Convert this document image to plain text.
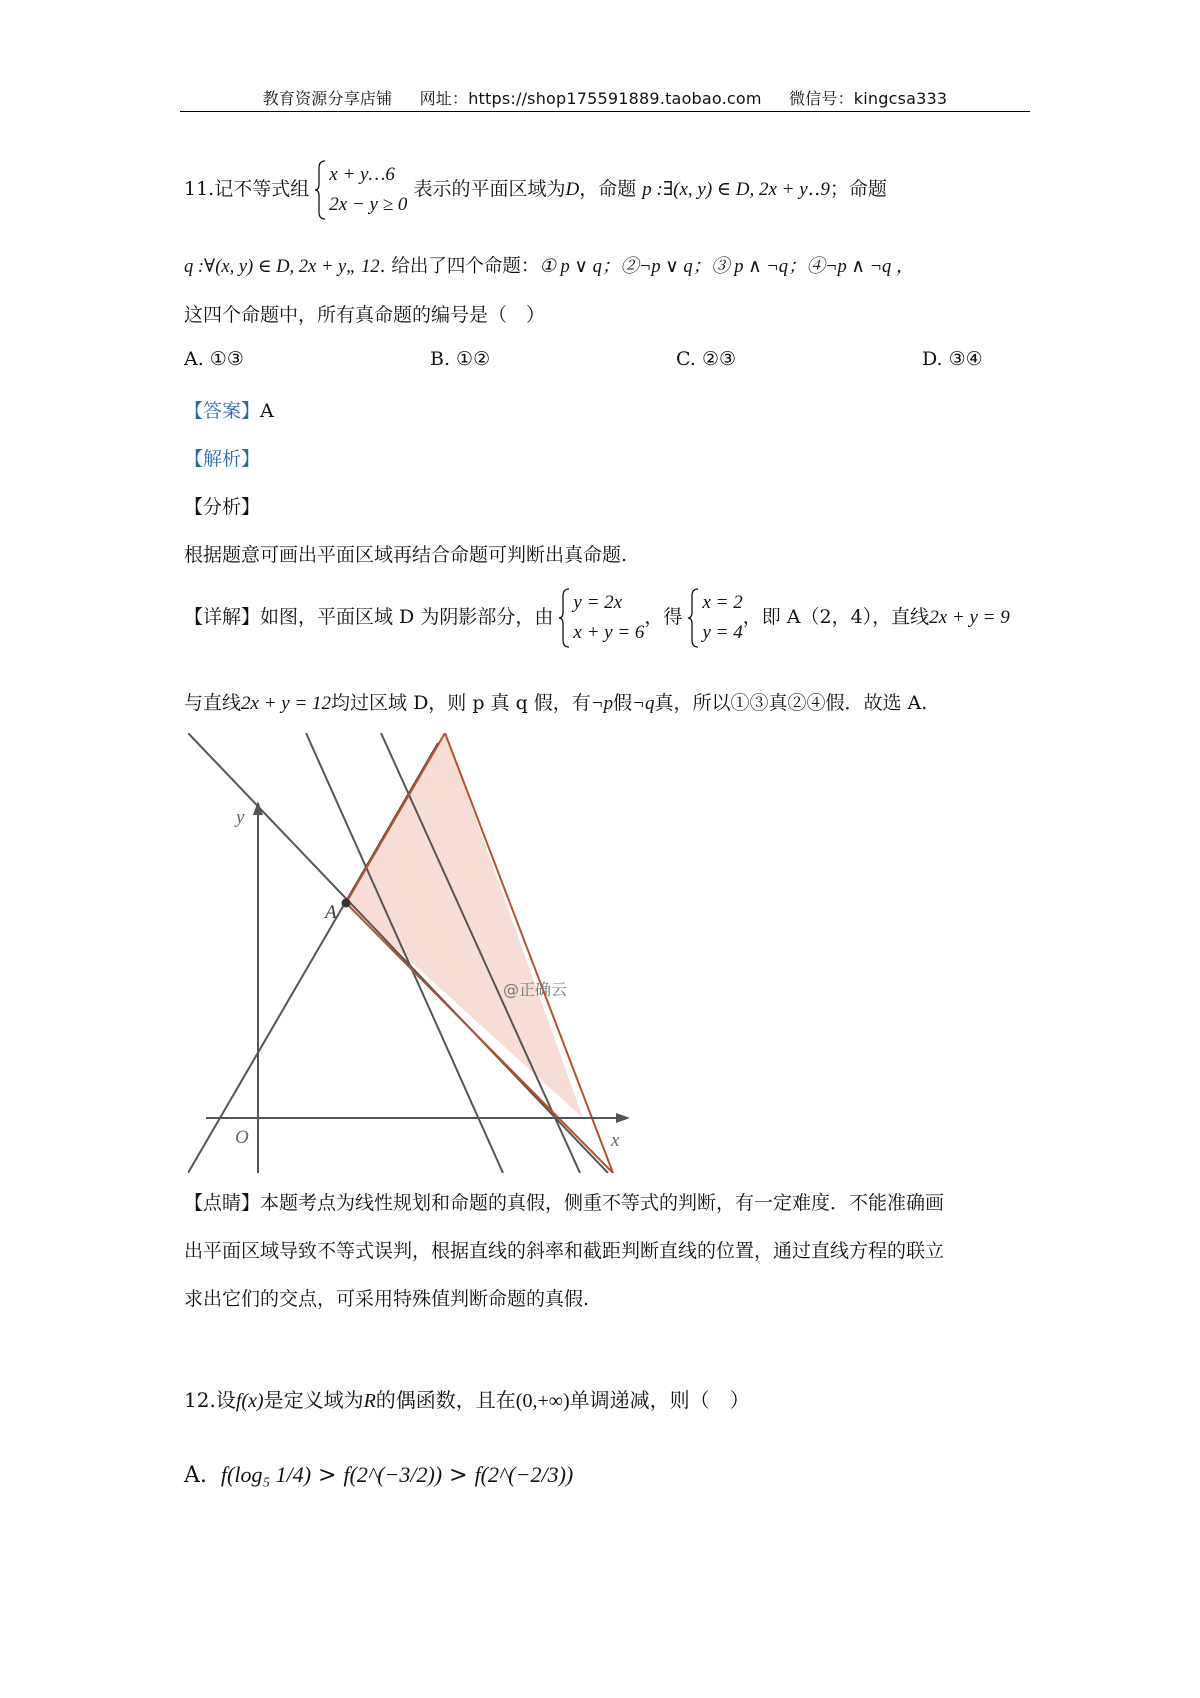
教育资源分享店铺 网址：https://shop175591889.taobao.com 微信号：kingcsa333
11.记不等式组
x + y…6
2x − y ≥ 0
表示的平面区域为D，命题 p :∃(x, y) ∈ D, 2x + y‥9；命题
q :∀(x, y) ∈ D, 2x + y„ 12. 给出了四个命题：① p ∨ q；②¬p ∨ q；③ p ∧ ¬q；④¬p ∧ ¬q ，
这四个命题中，所有真命题的编号是（　）
A. ①③	B. ①②	C. ②③	D. ③④
【答案】A
【解析】
【分析】
根据题意可画出平面区域再结合命题可判断出真命题.
【详解】如图，平面区域 D 为阴影部分，由
y = 2x
x + y = 6
，得
x = 2
y = 4
，即 A（2，4），直线2x + y = 9
与直线2x + y = 12均过区域 D，则 p 真 q 假，有¬p假¬q真，所以①③真②④假．故选 A.
A
y
x
O
@正确云
【点睛】本题考点为线性规划和命题的真假，侧重不等式的判断，有一定难度．不能准确画
出平面区域导致不等式误判，根据直线的斜率和截距判断直线的位置，通过直线方程的联立
求出它们的交点，可采用特殊值判断命题的真假.
12.设f(x)是定义域为R的偶函数，且在(0,+∞)单调递减，则（　）
A. f(log₅ 1/4) > f(2^(−3/2)) > f(2^(−2/3))
